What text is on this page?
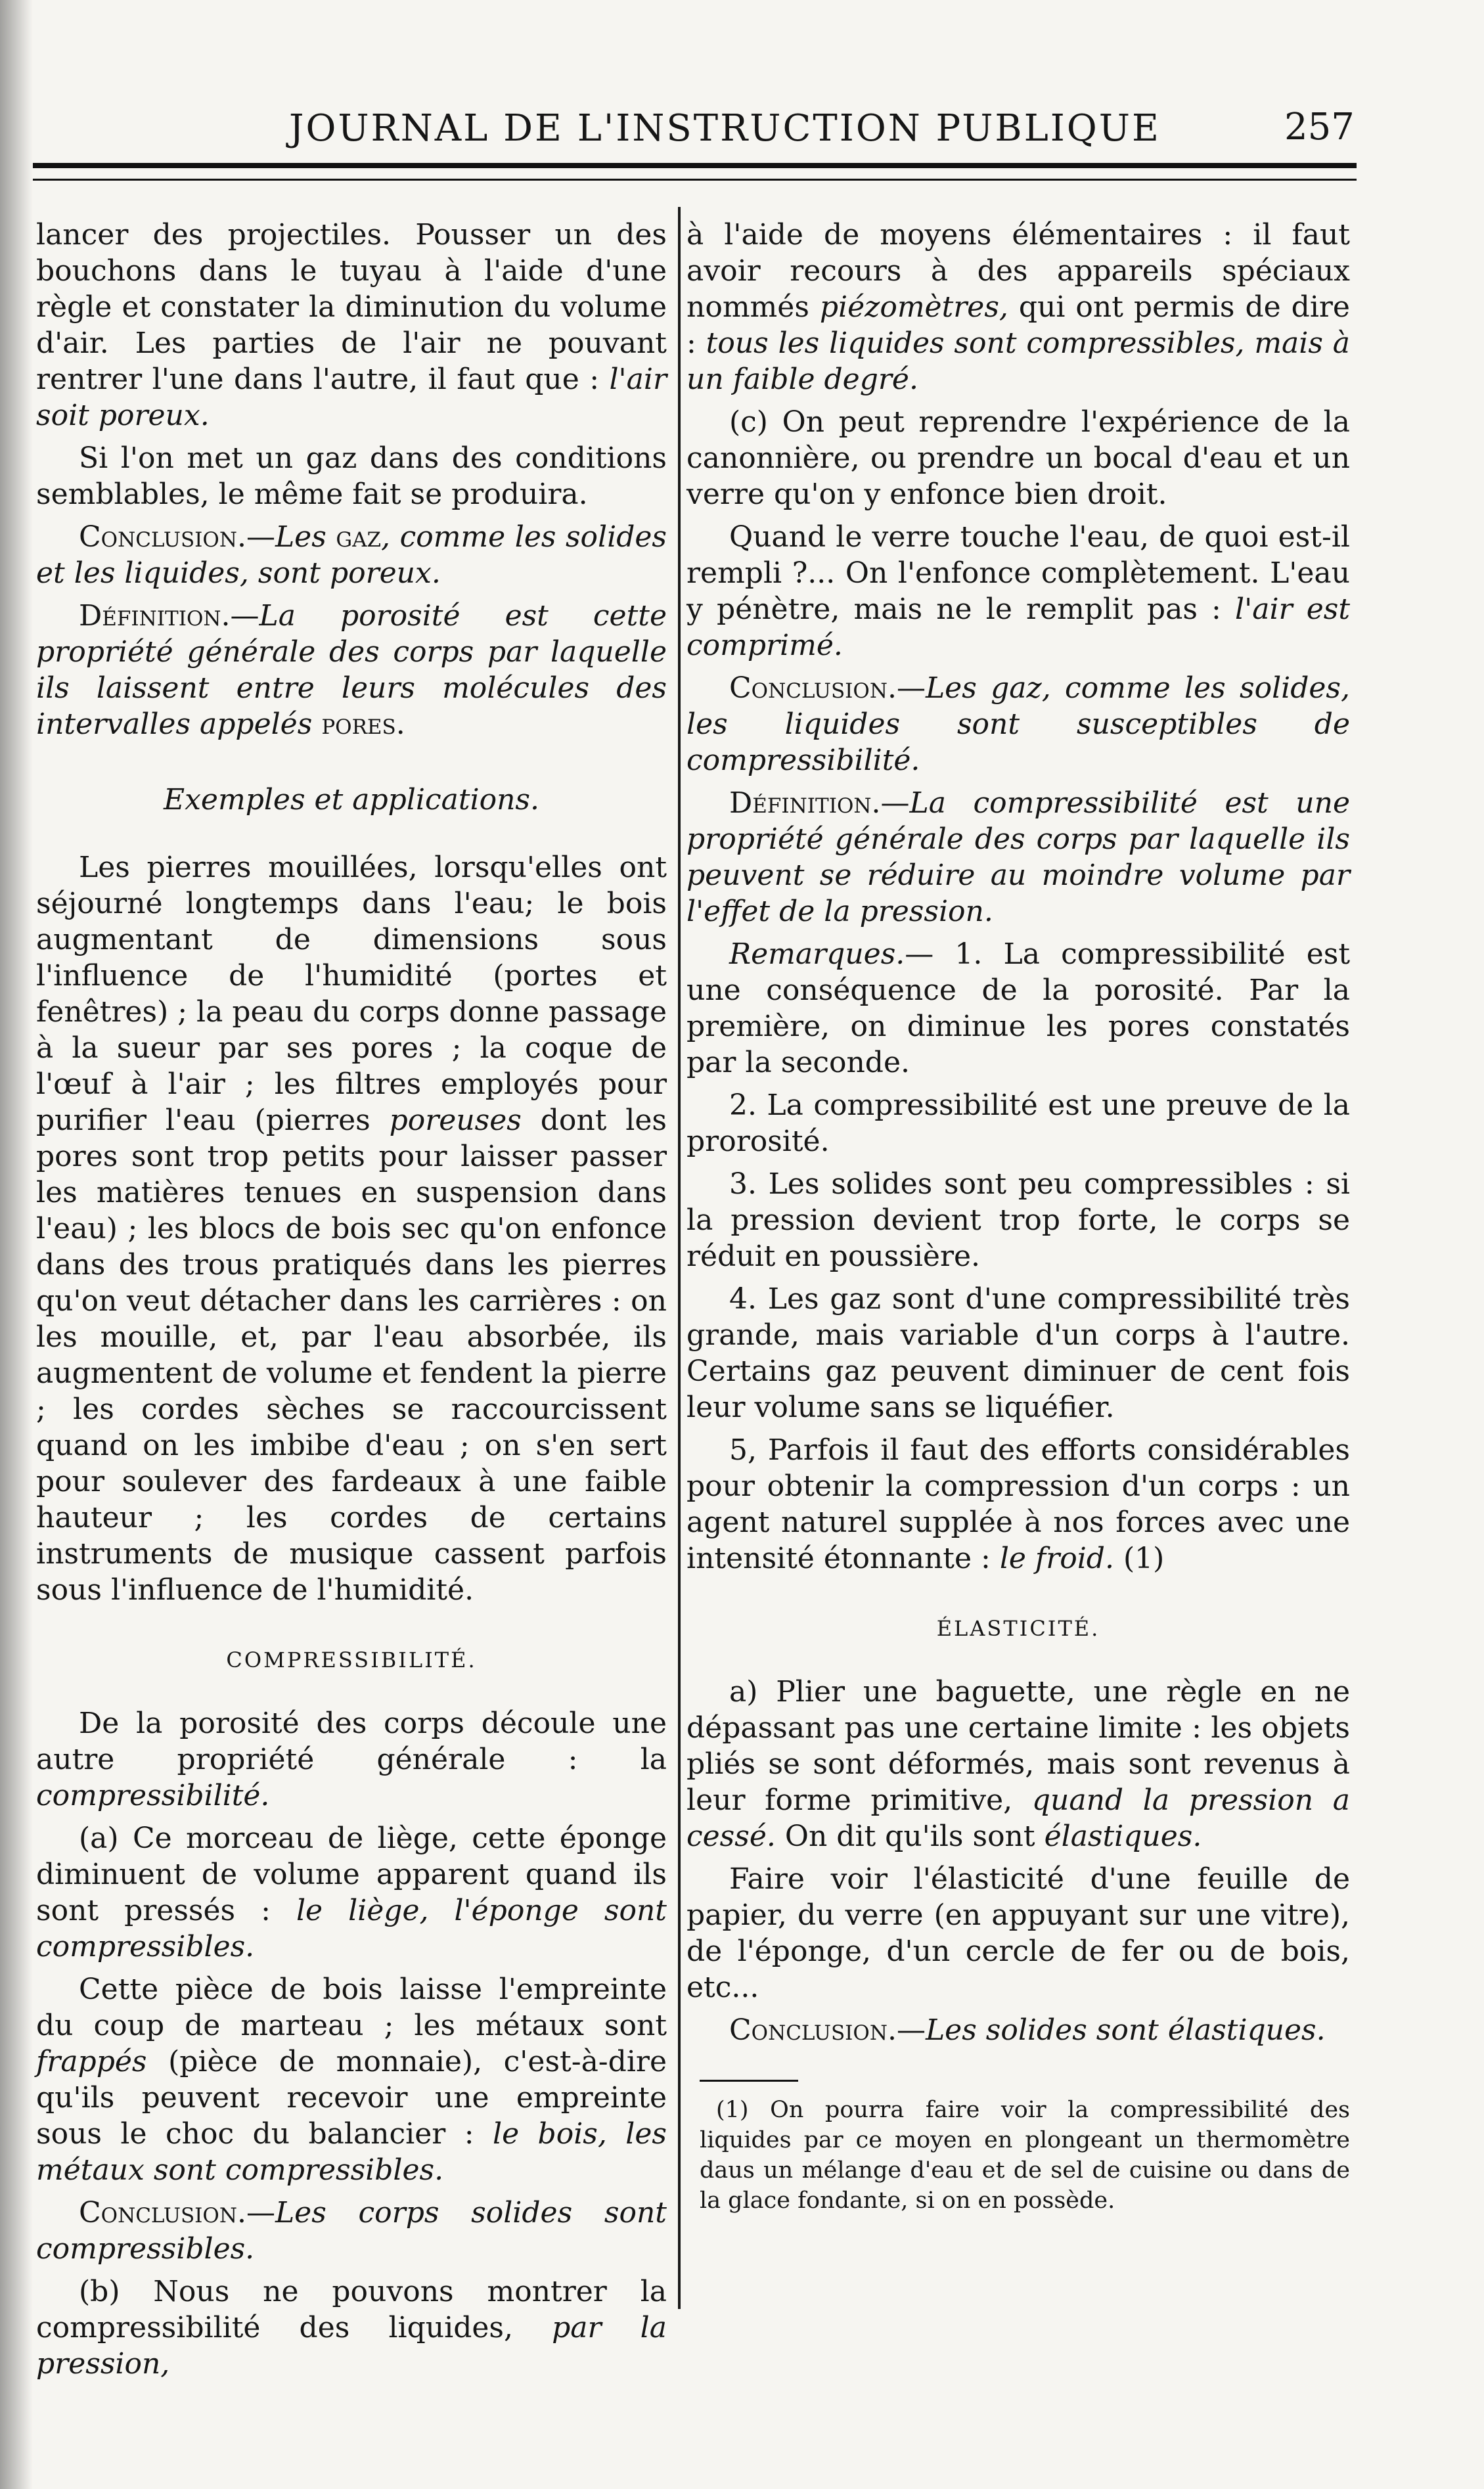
JOURNAL DE L'INSTRUCTION PUBLIQUE	257

lancer des projectiles. Pousser un des bouchons dans le tuyau à l'aide d'une règle et constater la diminution du volume d'air. Les parties de l'air ne pouvant rentrer l'une dans l'autre, il faut que : l'air soit poreux.

Si l'on met un gaz dans des conditions semblables, le même fait se produira.

Conclusion.—Les gaz, comme les solides et les liquides, sont poreux.

Définition.—La porosité est cette propriété générale des corps par laquelle ils laissent entre leurs molécules des intervalles appelés pores.

Exemples et applications.

Les pierres mouillées, lorsqu'elles ont séjourné longtemps dans l'eau; le bois augmentant de dimensions sous l'influence de l'humidité (portes et fenêtres) ; la peau du corps donne passage à la sueur par ses pores ; la coque de l'œuf à l'air ; les filtres employés pour purifier l'eau (pierres poreuses dont les pores sont trop petits pour laisser passer les matières tenues en suspension dans l'eau) ; les blocs de bois sec qu'on enfonce dans des trous pratiqués dans les pierres qu'on veut détacher dans les carrières : on les mouille, et, par l'eau absorbée, ils augmentent de volume et fendent la pierre ; les cordes sèches se raccourcissent quand on les imbibe d'eau ; on s'en sert pour soulever des fardeaux à une faible hauteur ; les cordes de certains instruments de musique cassent parfois sous l'influence de l'humidité.

COMPRESSIBILITÉ.

De la porosité des corps découle une autre propriété générale : la compressibilité.

(a) Ce morceau de liège, cette éponge diminuent de volume apparent quand ils sont pressés : le liège, l'éponge sont compressibles.

Cette pièce de bois laisse l'empreinte du coup de marteau ; les métaux sont frappés (pièce de monnaie), c'est-à-dire qu'ils peuvent recevoir une empreinte sous le choc du balancier : le bois, les métaux sont compressibles.

Conclusion.—Les corps solides sont compressibles.

(b) Nous ne pouvons montrer la compressibilité des liquides, par la pression,

à l'aide de moyens élémentaires : il faut avoir recours à des appareils spéciaux nommés piézomètres, qui ont permis de dire : tous les liquides sont compressibles, mais à un faible degré.

(c) On peut reprendre l'expérience de la canonnière, ou prendre un bocal d'eau et un verre qu'on y enfonce bien droit.

Quand le verre touche l'eau, de quoi est-il rempli ?... On l'enfonce complètement. L'eau y pénètre, mais ne le remplit pas : l'air est comprimé.

Conclusion.—Les gaz, comme les solides, les liquides sont susceptibles de compressibilité.

Définition.—La compressibilité est une propriété générale des corps par laquelle ils peuvent se réduire au moindre volume par l'effet de la pression.

Remarques.— 1. La compressibilité est une conséquence de la porosité. Par la première, on diminue les pores constatés par la seconde.

2. La compressibilité est une preuve de la prorosité.

3. Les solides sont peu compressibles : si la pression devient trop forte, le corps se réduit en poussière.

4. Les gaz sont d'une compressibilité très grande, mais variable d'un corps à l'autre. Certains gaz peuvent diminuer de cent fois leur volume sans se liquéfier.

5, Parfois il faut des efforts considérables pour obtenir la compression d'un corps : un agent naturel supplée à nos forces avec une intensité étonnante : le froid. (1)

ÉLASTICITÉ.

a) Plier une baguette, une règle en ne dépassant pas une certaine limite : les objets pliés se sont déformés, mais sont revenus à leur forme primitive, quand la pression a cessé. On dit qu'ils sont élastiques.

Faire voir l'élasticité d'une feuille de papier, du verre (en appuyant sur une vitre), de l'éponge, d'un cercle de fer ou de bois, etc...

Conclusion.—Les solides sont élastiques.

(1) On pourra faire voir la compressibilité des liquides par ce moyen en plongeant un thermomètre daus un mélange d'eau et de sel de cuisine ou dans de la glace fondante, si on en possède.
